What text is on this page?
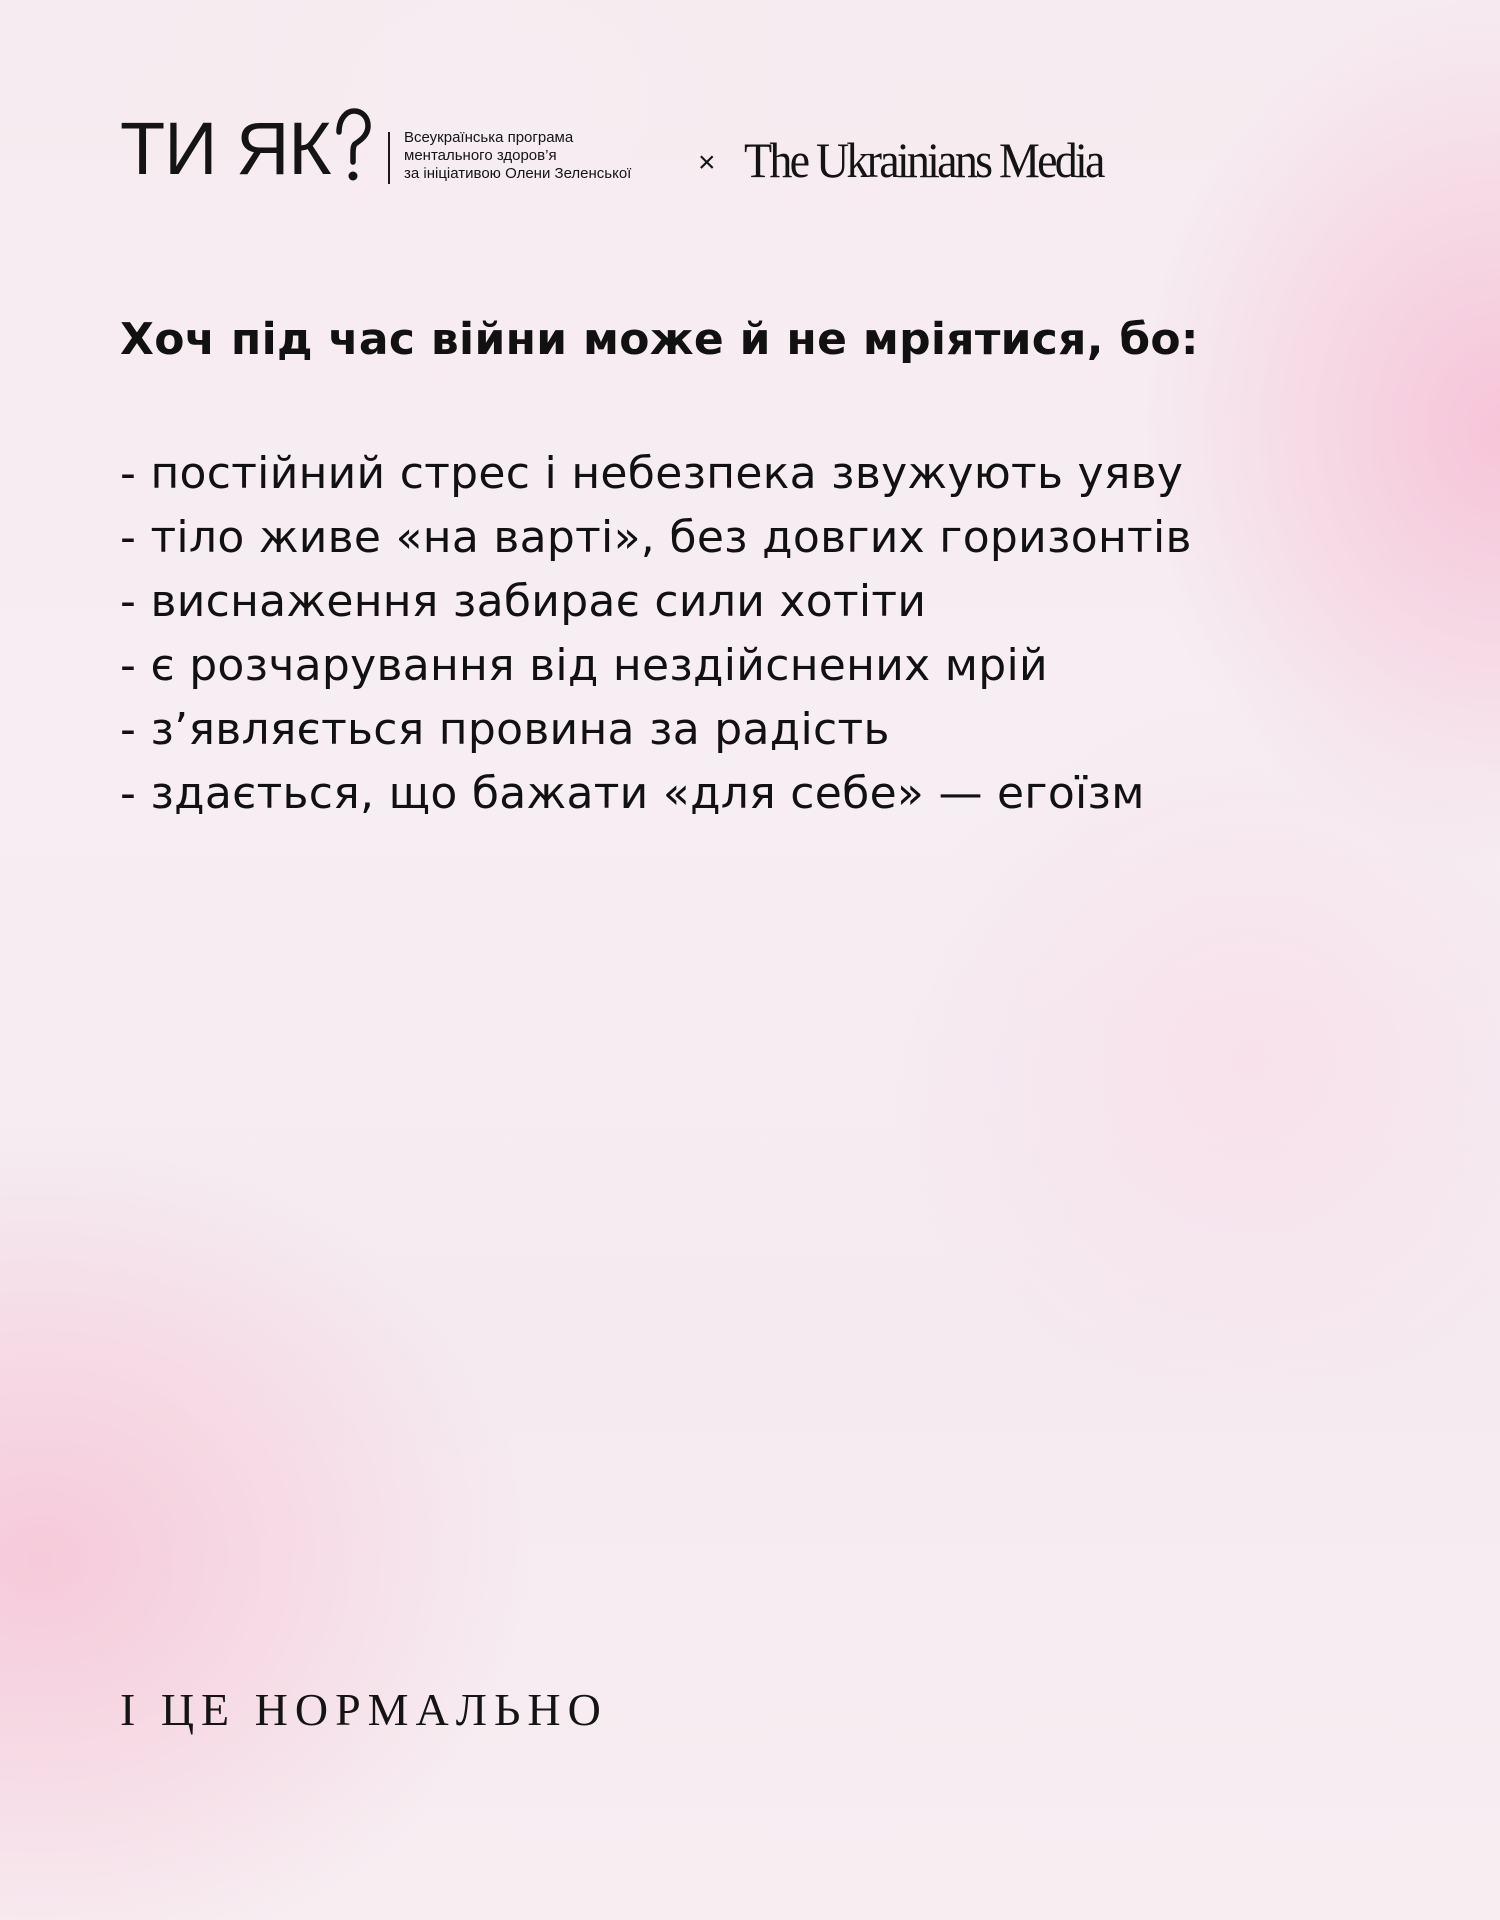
ТИ ЯК	Всеукраїнська програма
ментального здоров’я
за ініціативою Олени Зеленської × The Ukrainians Media

Хоч під час війни може й не мріятися, бо:

- постійний стрес і небезпека звужують уяву
- тіло живе «на варті», без довгих горизонтів
- виснаження забирає сили хотіти
- є розчарування від нездійснених мрій
- з’являється провина за радість
- здається, що бажати «для себе» — егоїзм

І ЦЕ НОРМАЛЬНО
